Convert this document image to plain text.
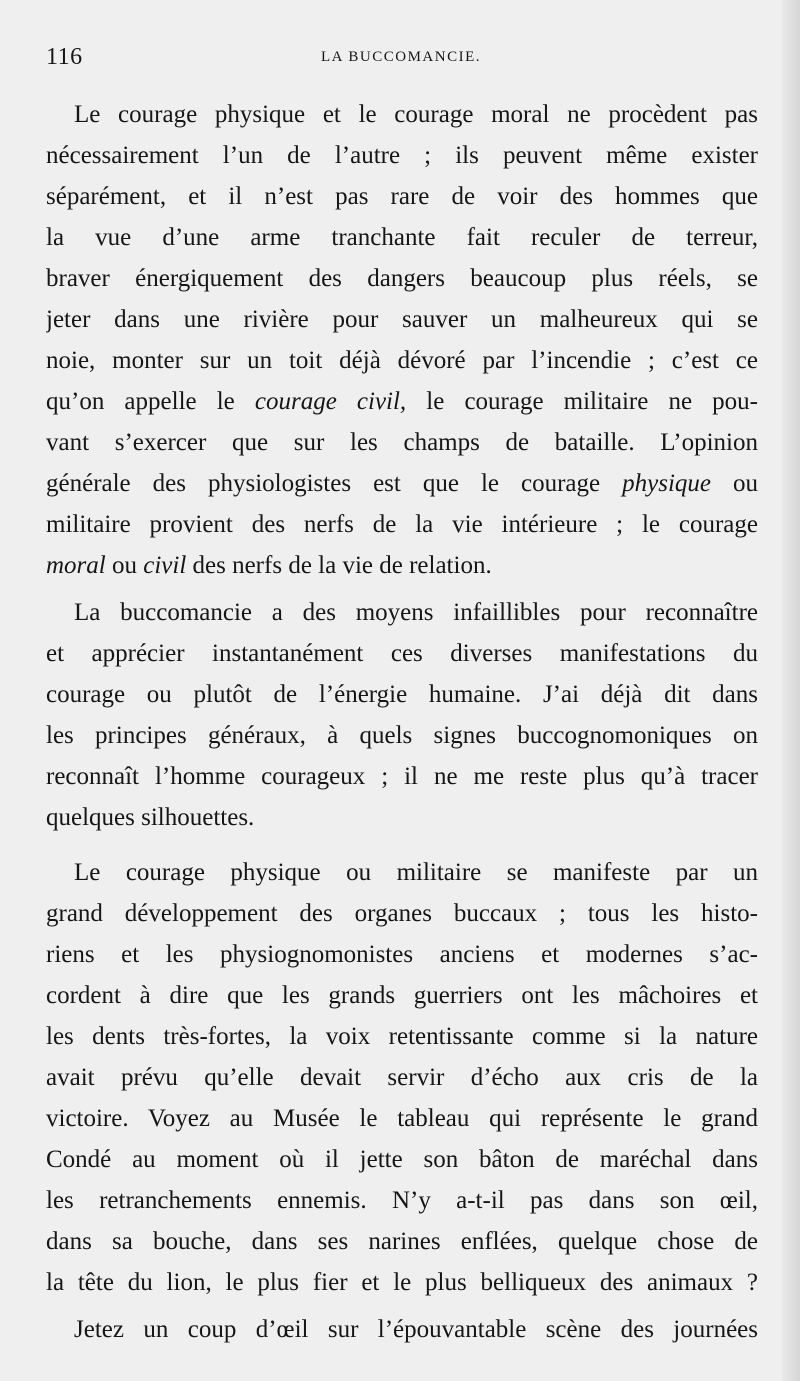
116	LA BUCCOMANCIE.
Le courage physique et le courage moral ne procèdent pas
nécessairement l’un de l’autre ; ils peuvent même exister
séparément, et il n’est pas rare de voir des hommes que
la vue d’une arme tranchante fait reculer de terreur,
braver énergiquement des dangers beaucoup plus réels, se
jeter dans une rivière pour sauver un malheureux qui se
noie, monter sur un toit déjà dévoré par l’incendie ; c’est ce
qu’on appelle le courage civil, le courage militaire ne pou-
vant s’exercer que sur les champs de bataille. L’opinion
générale des physiologistes est que le courage physique ou
militaire provient des nerfs de la vie intérieure ; le courage
moral ou civil des nerfs de la vie de relation.
La buccomancie a des moyens infaillibles pour reconnaître
et apprécier instantanément ces diverses manifestations du
courage ou plutôt de l’énergie humaine. J’ai déjà dit dans
les principes généraux, à quels signes buccognomoniques on
reconnaît l’homme courageux ; il ne me reste plus qu’à tracer
quelques silhouettes.
Le courage physique ou militaire se manifeste par un
grand développement des organes buccaux ; tous les histo-
riens et les physiognomonistes anciens et modernes s’ac-
cordent à dire que les grands guerriers ont les mâchoires et
les dents très-fortes, la voix retentissante comme si la nature
avait prévu qu’elle devait servir d’écho aux cris de la
victoire. Voyez au Musée le tableau qui représente le grand
Condé au moment où il jette son bâton de maréchal dans
les retranchements ennemis. N’y a-t-il pas dans son œil,
dans sa bouche, dans ses narines enflées, quelque chose de
la tête du lion, le plus fier et le plus belliqueux des animaux ?
Jetez un coup d’œil sur l’épouvantable scène des journées
